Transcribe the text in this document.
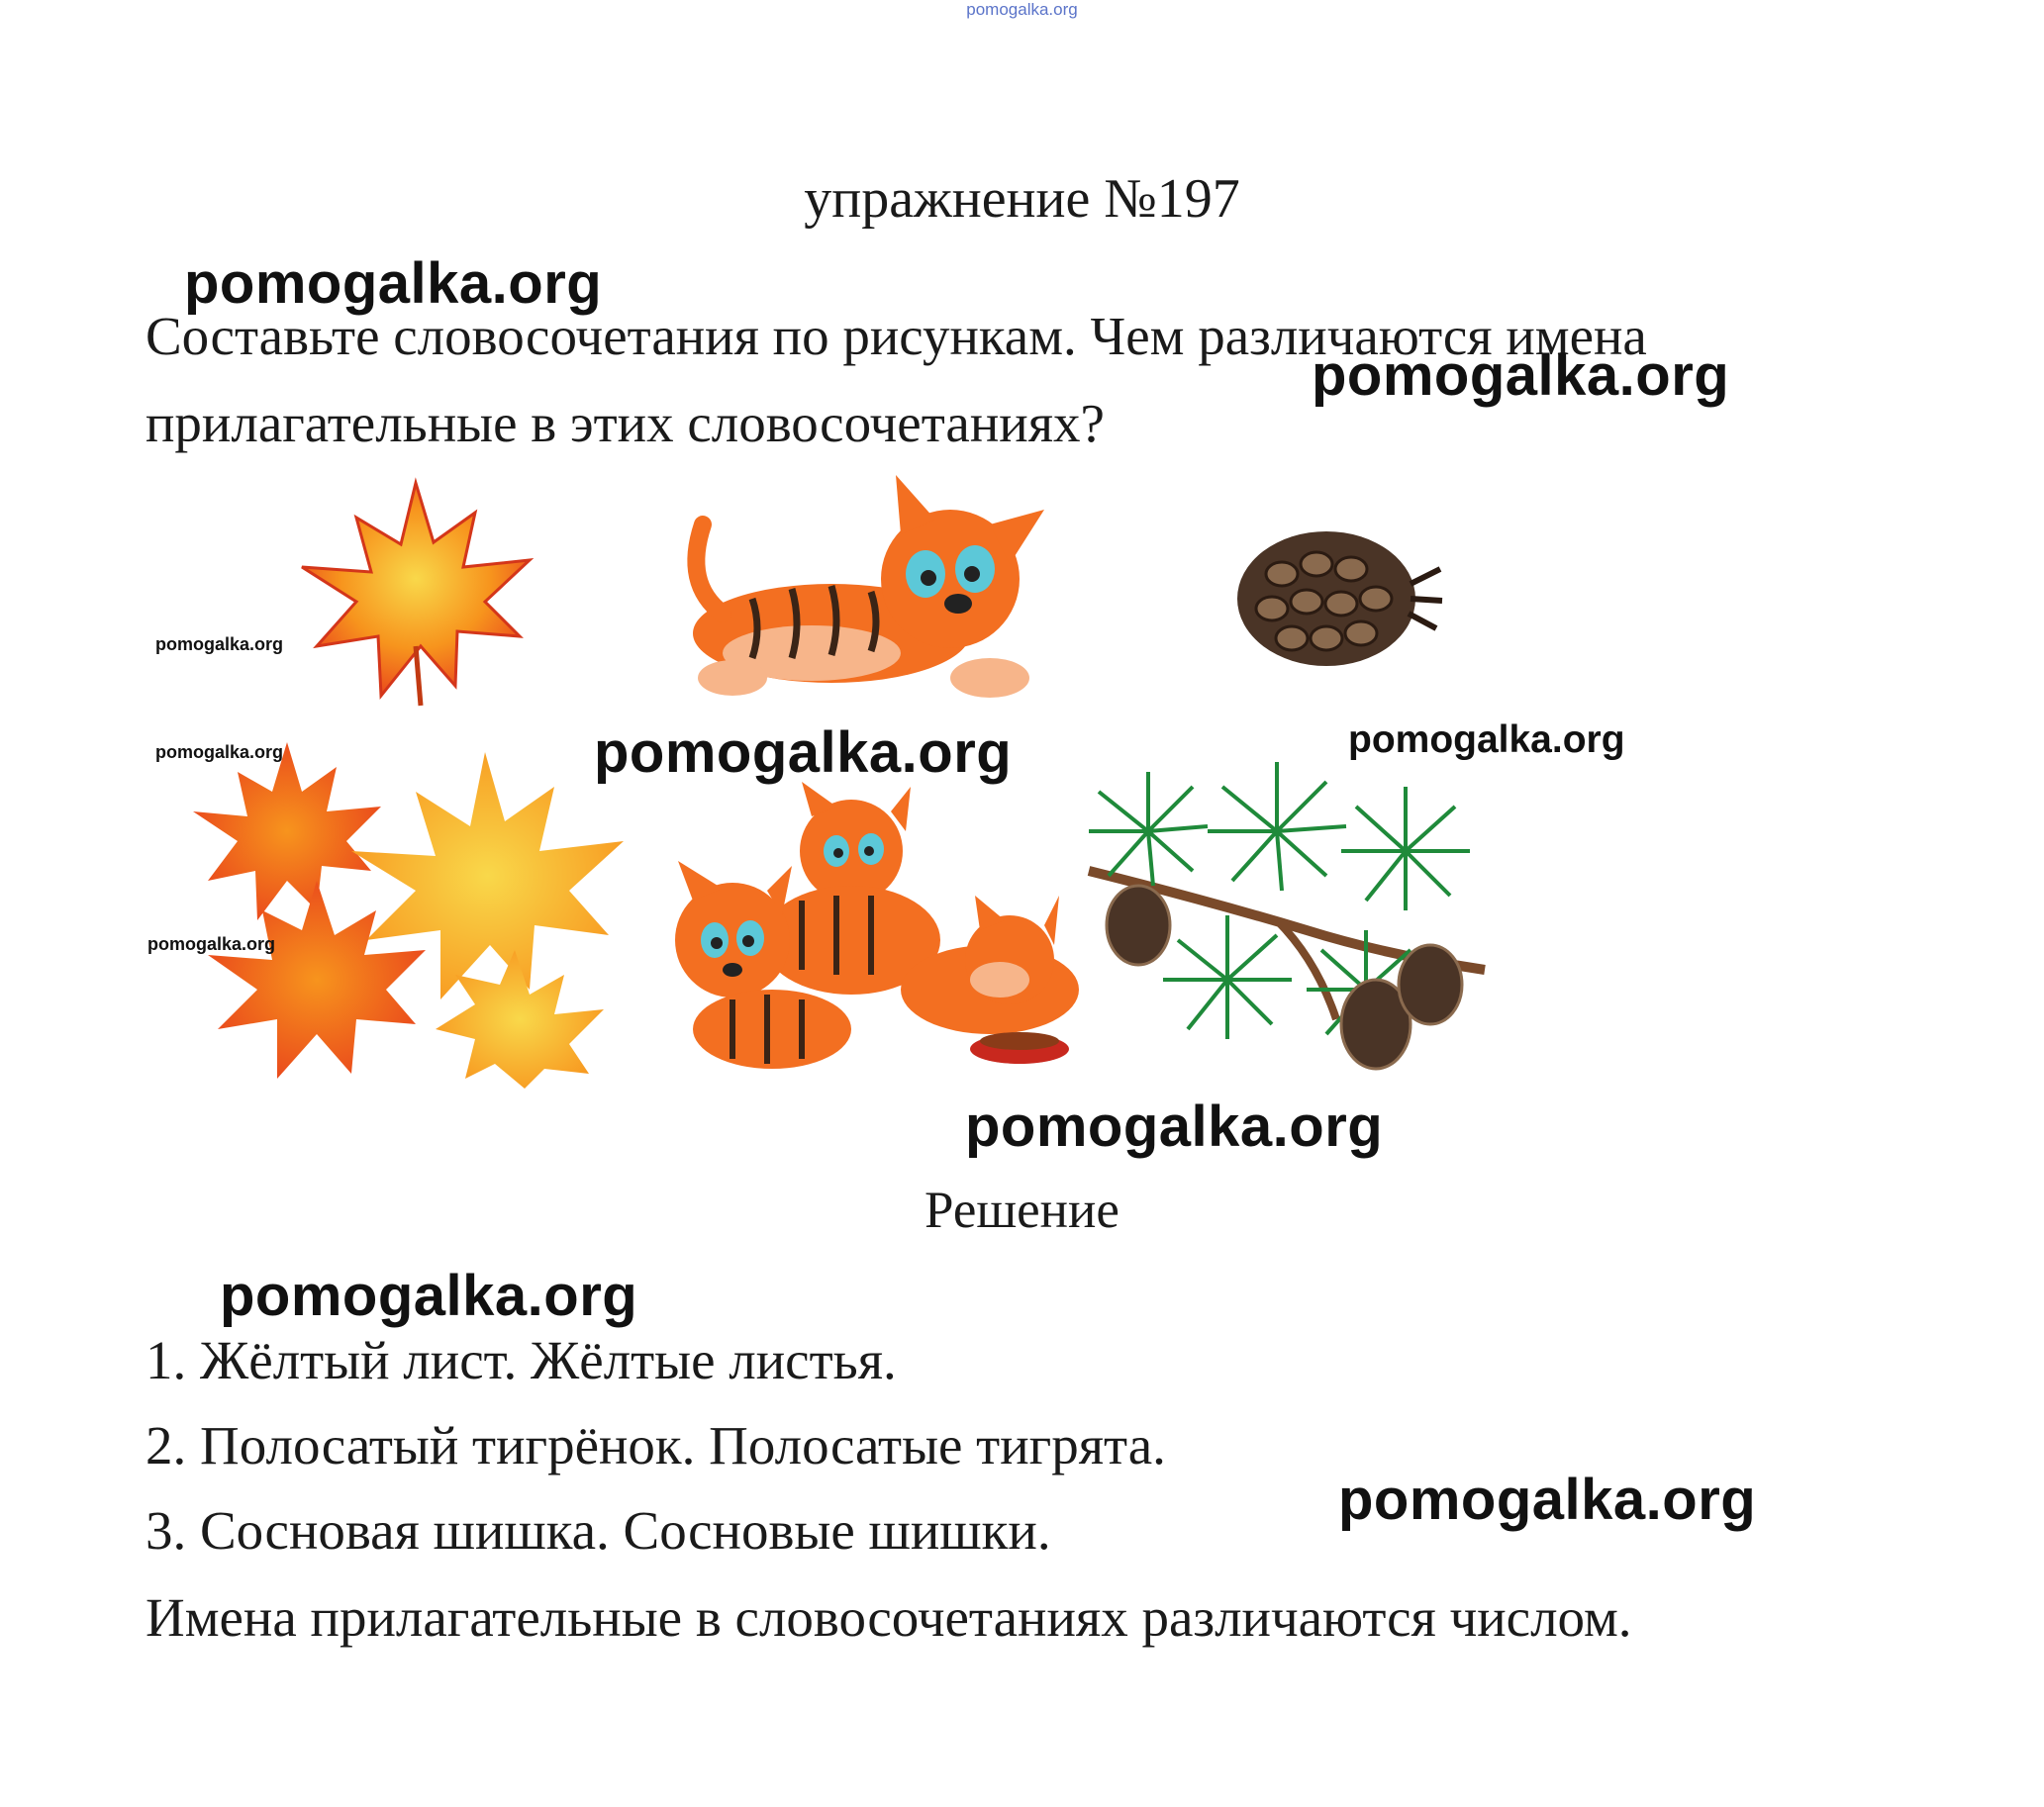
pomogalka.org
упражнение №197
Составьте словосочетания по рисункам. Чем различаются имена
прилагательные в этих словосочетаниях?
Решение
1. Жёлтый лист. Жёлтые листья.
2. Полосатый тигрёнок. Полосатые тигрята.
3. Сосновая шишка. Сосновые шишки.
Имена прилагательные в словосочетаниях различаются числом.
pomogalka.org
pomogalka.org
pomogalka.org	pomogalka.org
pomogalka.org
pomogalka.org
pomogalka.org
pomogalka.org
pomogalka.org
pomogalka.org
